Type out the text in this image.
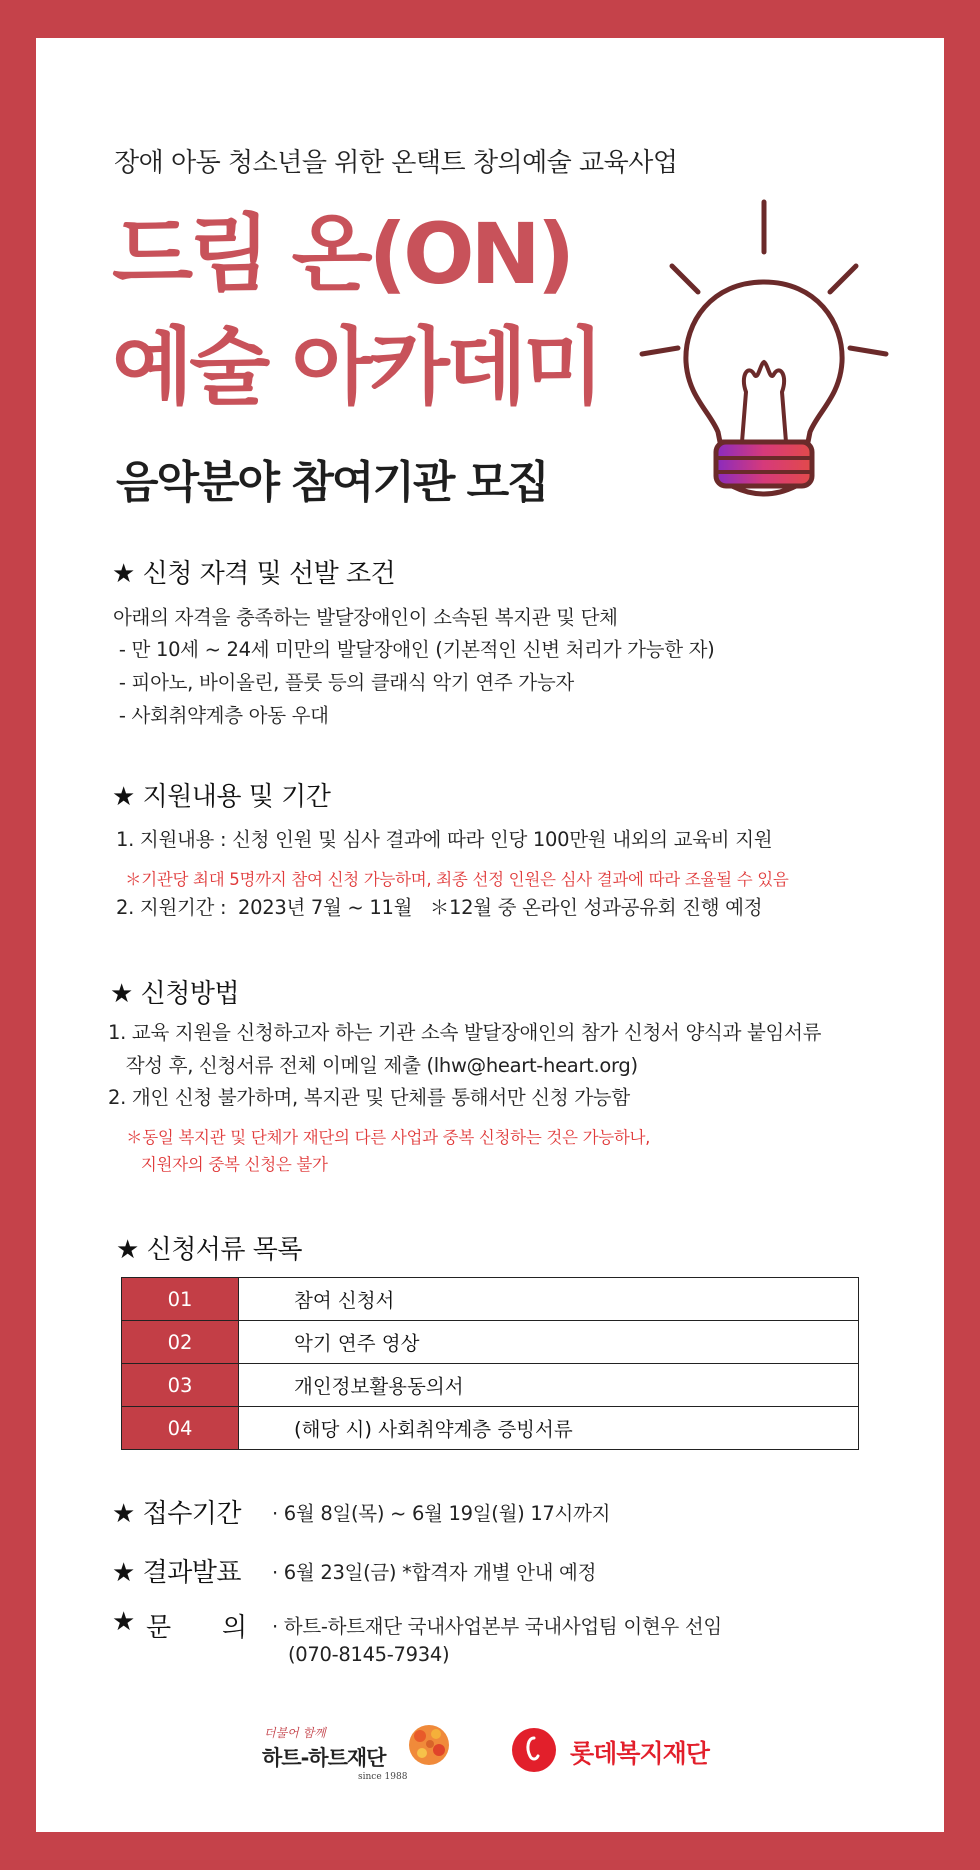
장애 아동 청소년을 위한 온택트 창의예술 교육사업
드림 온(ON)
예술 아카데미
음악분야 참여기관 모집
★ 신청 자격 및 선발 조건
아래의 자격을 충족하는 발달장애인이 소속된 복지관 및 단체
- 만 10세 ~ 24세 미만의 발달장애인 (기본적인 신변 처리가 가능한 자)
- 피아노, 바이올린, 플룻 등의 클래식 악기 연주 가능자
- 사회취약계층 아동 우대
★ 지원내용 및 기간
1. 지원내용 : 신청 인원 및 심사 결과에 따라 인당 100만원 내외의 교육비 지원
＊기관당 최대 5명까지 참여 신청 가능하며, 최종 선정 인원은 심사 결과에 따라 조율될 수 있음
2. 지원기간 :  2023년 7월 ~ 11월   ＊12월 중 온라인 성과공유회 진행 예정
★ 신청방법
1. 교육 지원을 신청하고자 하는 기관 소속 발달장애인의 참가 신청서 양식과 붙임서류
작성 후, 신청서류 전체 이메일 제출 (lhw@heart-heart.org)
2. 개인 신청 불가하며, 복지관 및 단체를 통해서만 신청 가능함
＊동일 복지관 및 단체가 재단의 다른 사업과 중복 신청하는 것은 가능하나,
지원자의 중복 신청은 불가
★ 신청서류 목록
01	참여 신청서
02	악기 연주 영상
03	개인정보활용동의서
04	(해당 시) 사회취약계층 증빙서류
★ 접수기간 · 6월 8일(목) ~ 6월 19일(월) 17시까지
★ 결과발표 · 6월 23일(금) *합격자 개별 안내 예정
★ 문 의 · 하트-하트재단 국내사업본부 국내사업팀 이현우 선임
(070-8145-7934)
더불어 함께
하트-하트재단
since 1988
롯데복지재단
